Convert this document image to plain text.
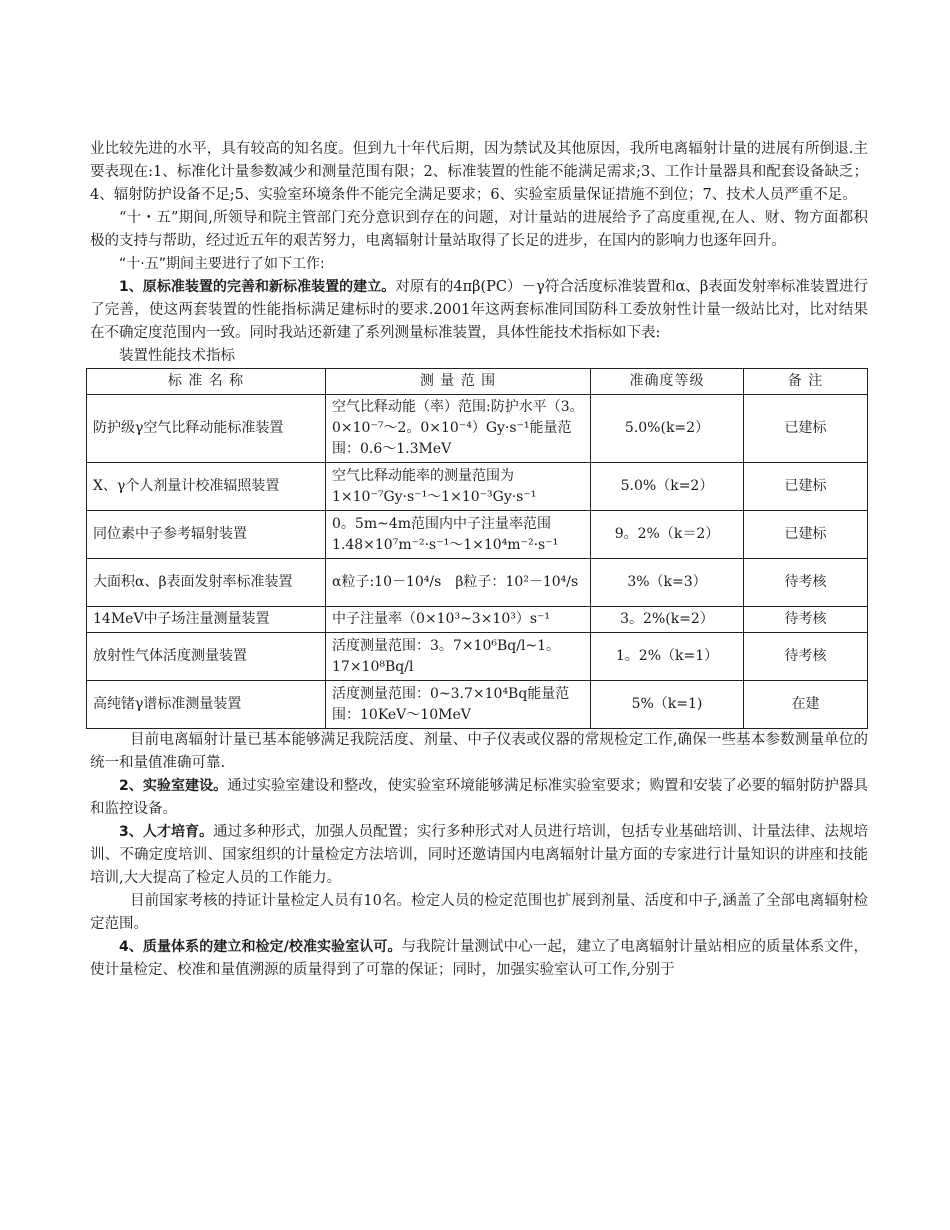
业比较先进的水平，具有较高的知名度。但到九十年代后期，因为禁试及其他原因，我所电离辐射计量的进展有所倒退.主要表现在:1、标准化计量参数减少和测量范围有限；2、标准装置的性能不能满足需求;3、工作计量器具和配套设备缺乏；4、辐射防护设备不足;5、实验室环境条件不能完全满足要求；6、实验室质量保证措施不到位；7、技术人员严重不足。

“十・五”期间,所领导和院主管部门充分意识到存在的问题，对计量站的进展给予了高度重视,在人、财、物方面都积极的支持与帮助，经过近五年的艰苦努力，电离辐射计量站取得了长足的进步，在国内的影响力也逐年回升。

“十·五”期间主要进行了如下工作:

1、原标准装置的完善和新标准装置的建立。对原有的4πβ(PC）－γ符合活度标准装置和α、β表面发射率标准装置进行了完善，使这两套装置的性能指标满足建标时的要求.2001年这两套标准同国防科工委放射性计量一级站比对，比对结果在不确定度范围内一致。同时我站还新建了系列测量标准装置，具体性能技术指标如下表:

装置性能技术指标
标 准 名 称	测 量 范 围	准确度等级	备 注
防护级γ空气比释动能标准装置	空气比释动能（率）范围:防护水平（3。0×10⁻⁷～2。0×10⁻⁴）Gy·s⁻¹能量范围：0.6～1.3MeV	5.0%(k=2）	已建标
X、γ个人剂量计校准辐照装置	空气比释动能率的测量范围为1×10⁻⁷Gy·s⁻¹～1×10⁻³Gy·s⁻¹	5.0%（k=2）	已建标
同位素中子参考辐射装置	0。5m~4m范围内中子注量率范围1.48×10⁷m⁻²·s⁻¹～1×10⁴m⁻²·s⁻¹	9。2%（k＝2）	已建标
大面积α、β表面发射率标准装置	α粒子:10－10⁴/s　β粒子：10²－10⁴/s	3%（k=3）	待考核
14MeV中子场注量测量装置	中子注量率（0×10³~3×10³）s⁻¹	3。2%(k=2）	待考核
放射性气体活度测量装置	活度测量范围：3。7×10⁶Bq/l~1。17×10⁸Bq/l	1。2%（k=1）	待考核
高纯锗γ谱标准测量装置	活度测量范围：0~3.7×10⁴Bq能量范围：10KeV～10MeV	5%（k=1)	在建

目前电离辐射计量已基本能够满足我院活度、剂量、中子仪表或仪器的常规检定工作,确保一些基本参数测量单位的统一和量值准确可靠.

2、实验室建设。通过实验室建设和整改，使实验室环境能够满足标准实验室要求；购置和安装了必要的辐射防护器具和监控设备。

3、人才培育。通过多种形式，加强人员配置；实行多种形式对人员进行培训，包括专业基础培训、计量法律、法规培训、不确定度培训、国家组织的计量检定方法培训，同时还邀请国内电离辐射计量方面的专家进行计量知识的讲座和技能培训,大大提高了检定人员的工作能力。

目前国家考核的持证计量检定人员有10名。检定人员的检定范围也扩展到剂量、活度和中子,涵盖了全部电离辐射检定范围。

4、质量体系的建立和检定/校准实验室认可。与我院计量测试中心一起，建立了电离辐射计量站相应的质量体系文件，使计量检定、校准和量值溯源的质量得到了可靠的保证；同时，加强实验室认可工作,分别于
